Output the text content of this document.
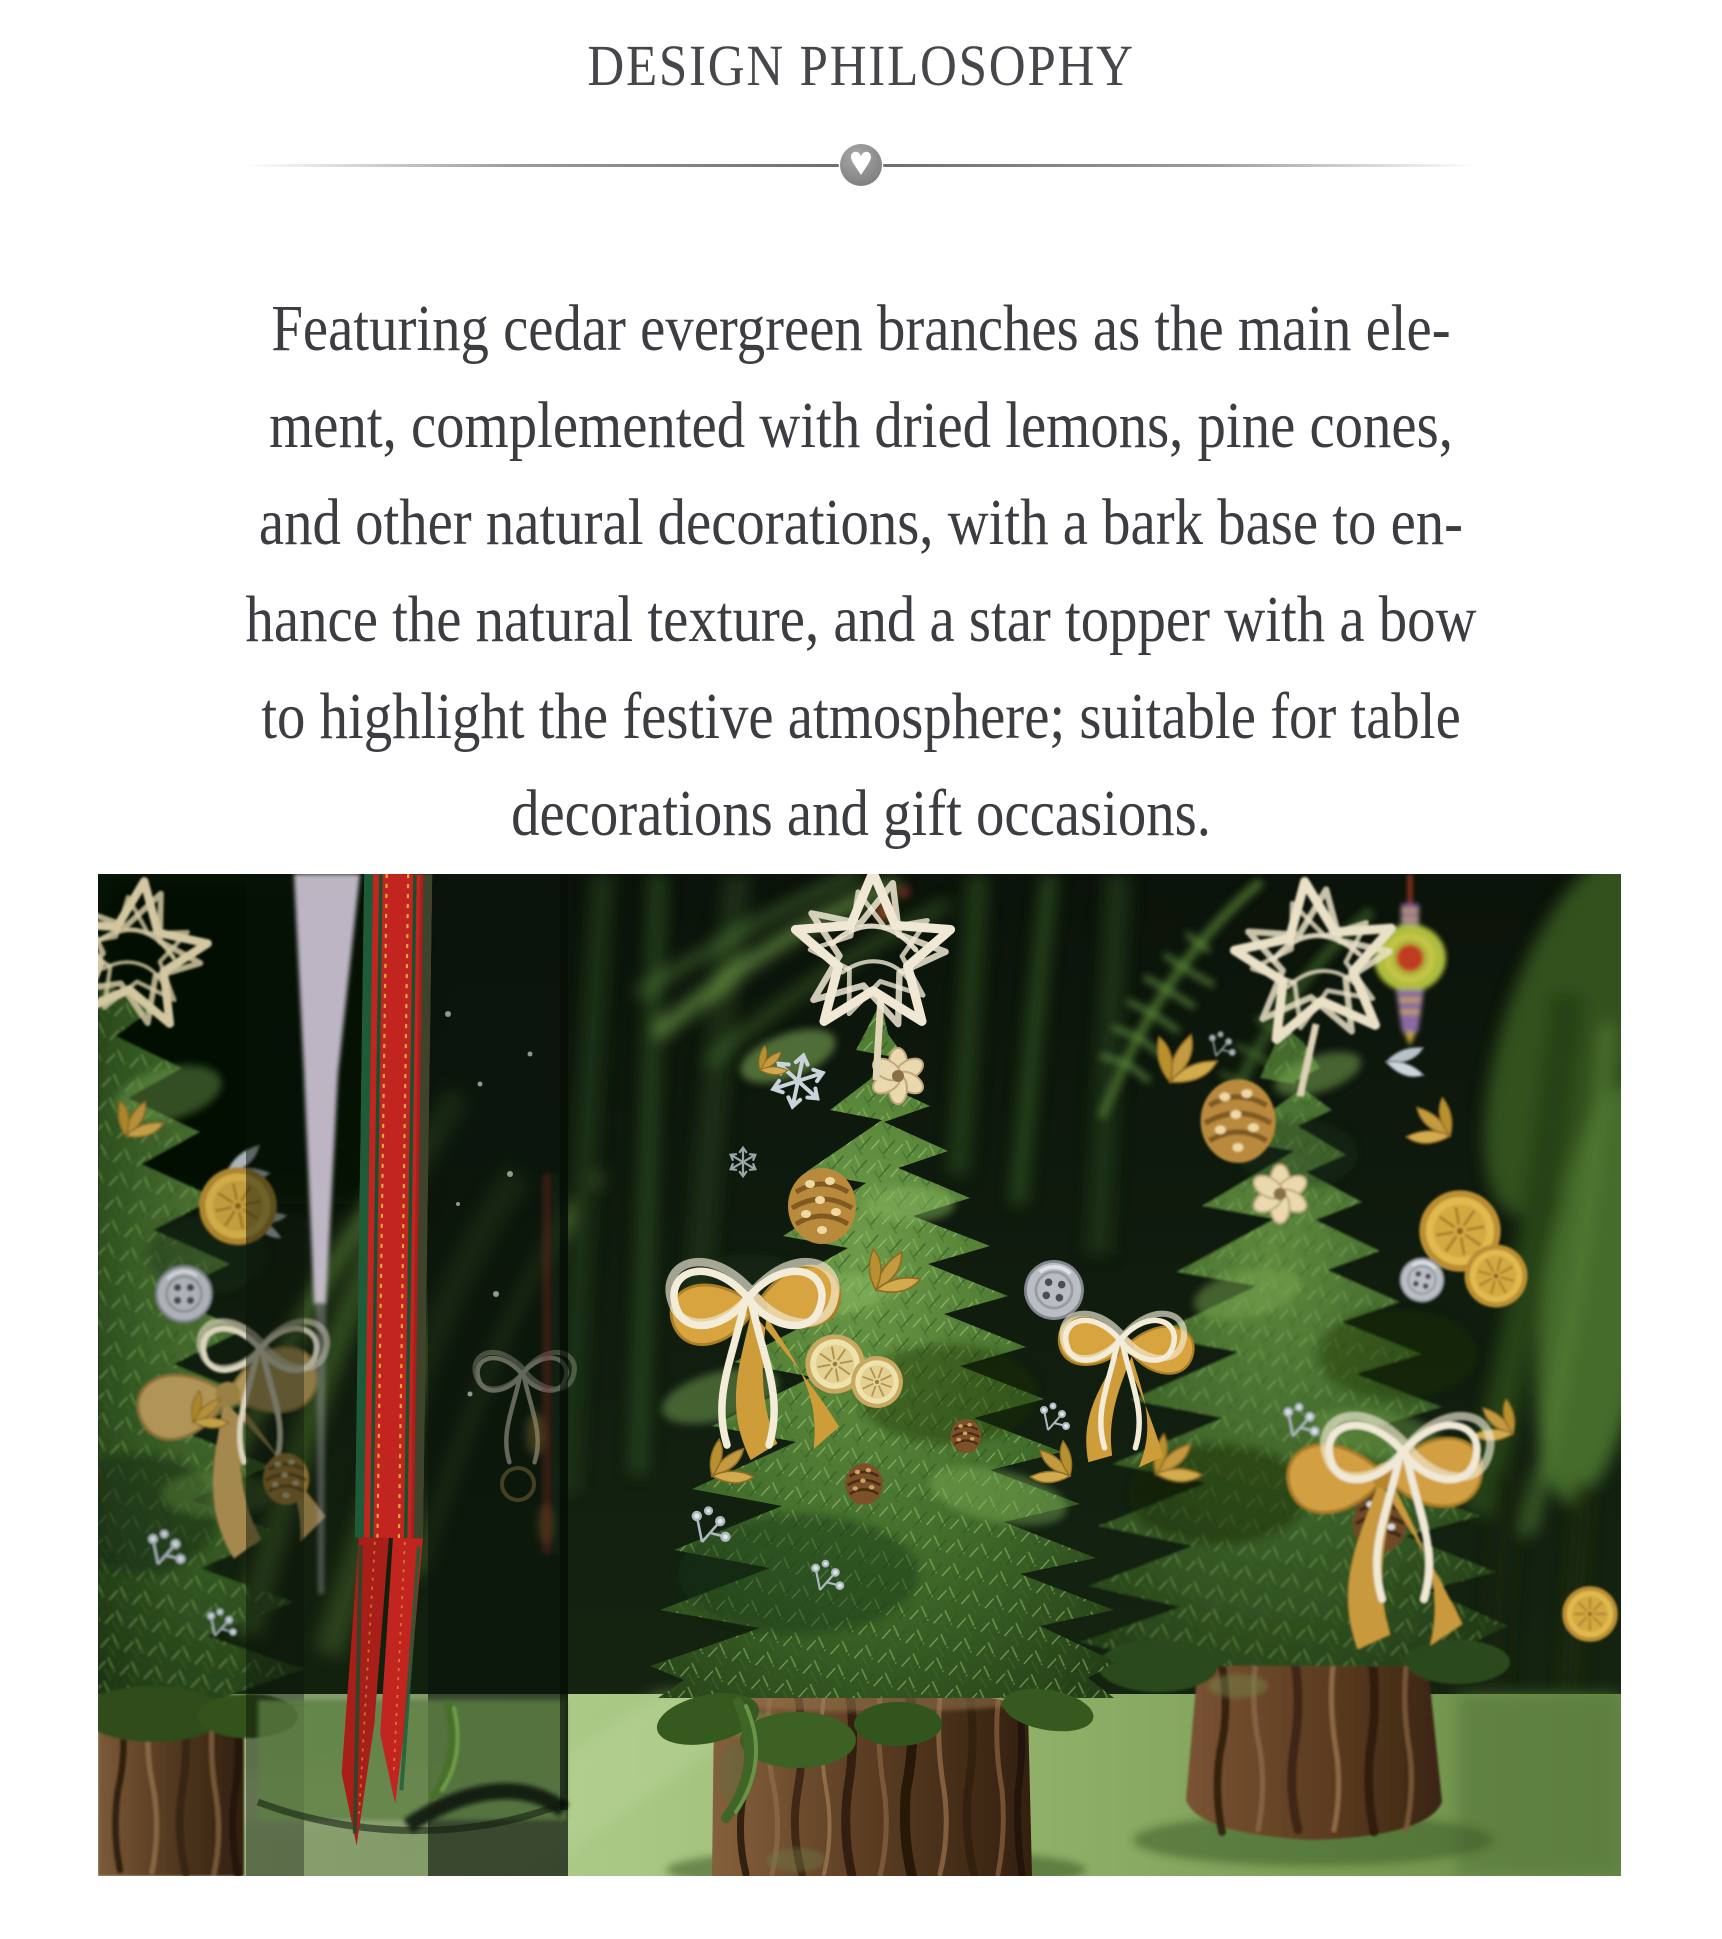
DESIGN PHILOSOPHY
Featuring cedar evergreen branches as the main ele-
ment, complemented with dried lemons, pine cones,
and other natural decorations, with a bark base to en-
hance the natural texture, and a star topper with a bow
to highlight the festive atmosphere; suitable for table
decorations and gift occasions.
